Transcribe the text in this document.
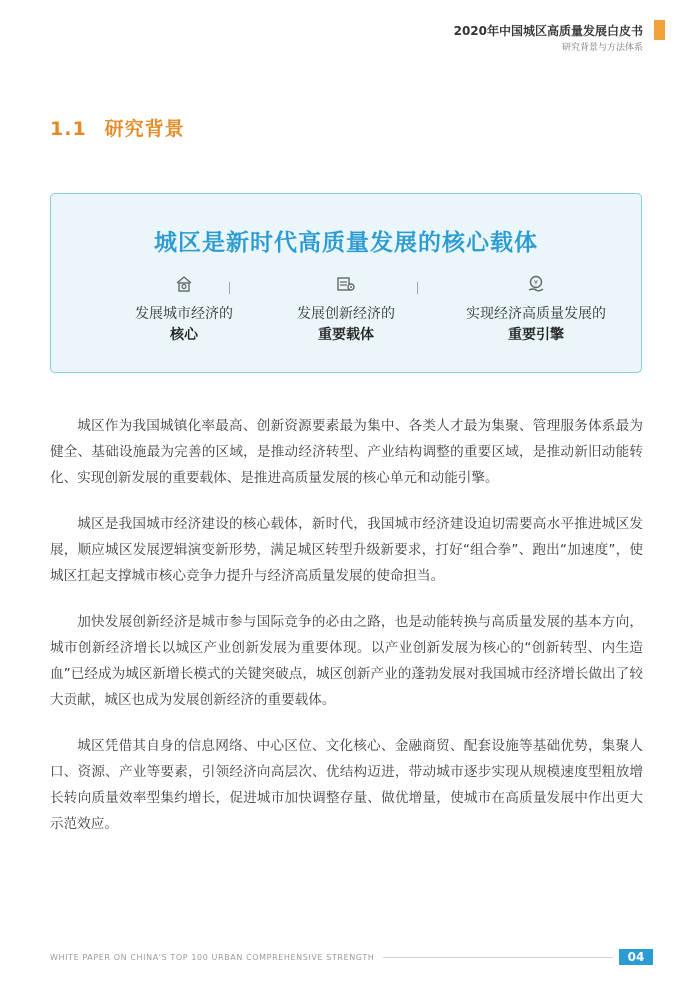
2020年中国城区高质量发展白皮书
研究背景与方法体系
1.1 研究背景
城区是新时代高质量发展的核心载体
发展城市经济的
核心
发展创新经济的
重要载体
¥
实现经济高质量发展的
重要引擎

城区作为我国城镇化率最高、创新资源要素最为集中、各类人才最为集聚、管理服务体系最为健全、基础设施最为完善的区域，是推动经济转型、产业结构调整的重要区域，是推动新旧动能转化、实现创新发展的重要载体、是推进高质量发展的核心单元和动能引擎。

城区是我国城市经济建设的核心载体，新时代，我国城市经济建设迫切需要高水平推进城区发展，顺应城区发展逻辑演变新形势，满足城区转型升级新要求，打好“组合拳”、跑出“加速度”，使城区扛起支撑城市核心竞争力提升与经济高质量发展的使命担当。

加快发展创新经济是城市参与国际竞争的必由之路，也是动能转换与高质量发展的基本方向，城市创新经济增长以城区产业创新发展为重要体现。以产业创新发展为核心的“创新转型、内生造血”已经成为城区新增长模式的关键突破点，城区创新产业的蓬勃发展对我国城市经济增长做出了较大贡献，城区也成为发展创新经济的重要载体。

城区凭借其自身的信息网络、中心区位、文化核心、金融商贸、配套设施等基础优势，集聚人口、资源、产业等要素，引领经济向高层次、优结构迈进，带动城市逐步实现从规模速度型粗放增长转向质量效率型集约增长，促进城市加快调整存量、做优增量，使城市在高质量发展中作出更大示范效应。

WHITE PAPER ON CHINA'S TOP 100 URBAN COMPREHENSIVE STRENGTH	04
